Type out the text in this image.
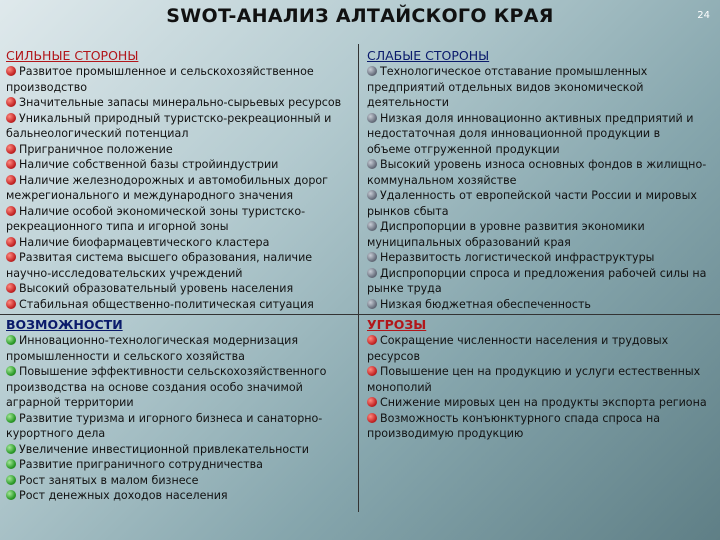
SWOT-АНАЛИЗ АЛТАЙСКОГО КРАЯ	24
СИЛЬНЫЕ СТОРОНЫ
Развитое промышленное и сельскохозяйственное производство
Значительные запасы минерально-сырьевых ресурсов
Уникальный природный туристско-рекреационный и бальнеологический потенциал
Приграничное положение
Наличие собственной базы стройиндустрии
Наличие железнодорожных и автомобильных дорог межрегионального и международного значения
Наличие особой экономической зоны туристско-рекреационного типа и игорной зоны
Наличие биофармацевтического кластера
Развитая система высшего образования, наличие научно-исследовательских учреждений
Высокий образовательный уровень населения
Стабильная общественно-политическая ситуация
СЛАБЫЕ СТОРОНЫ
Технологическое отставание промышленных предприятий отдельных видов экономической деятельности
Низкая доля инновационно активных предприятий и недостаточная доля инновационной продукции в объеме отгруженной продукции
Высокий уровень износа основных фондов в жилищно-коммунальном хозяйстве
Удаленность от европейской части России и мировых рынков сбыта
Диспропорции в уровне развития экономики муниципальных образований края
Неразвитость логистической инфраструктуры
Диспропорции спроса и предложения рабочей силы на рынке труда
Низкая бюджетная обеспеченность
ВОЗМОЖНОСТИ
Инновационно-технологическая модернизация промышленности и сельского хозяйства
Повышение эффективности сельскохозяйственного производства на основе создания особо значимой аграрной территории
Развитие туризма и игорного бизнеса и санаторно-курортного дела
Увеличение инвестиционной привлекательности
Развитие приграничного сотрудничества
Рост занятых в малом бизнесе
Рост денежных доходов населения
УГРОЗЫ
Сокращение численности населения и трудовых ресурсов
Повышение цен на продукцию и услуги естественных монополий
Снижение мировых цен на продукты экспорта региона
Возможность конъюнктурного спада спроса на производимую продукцию
